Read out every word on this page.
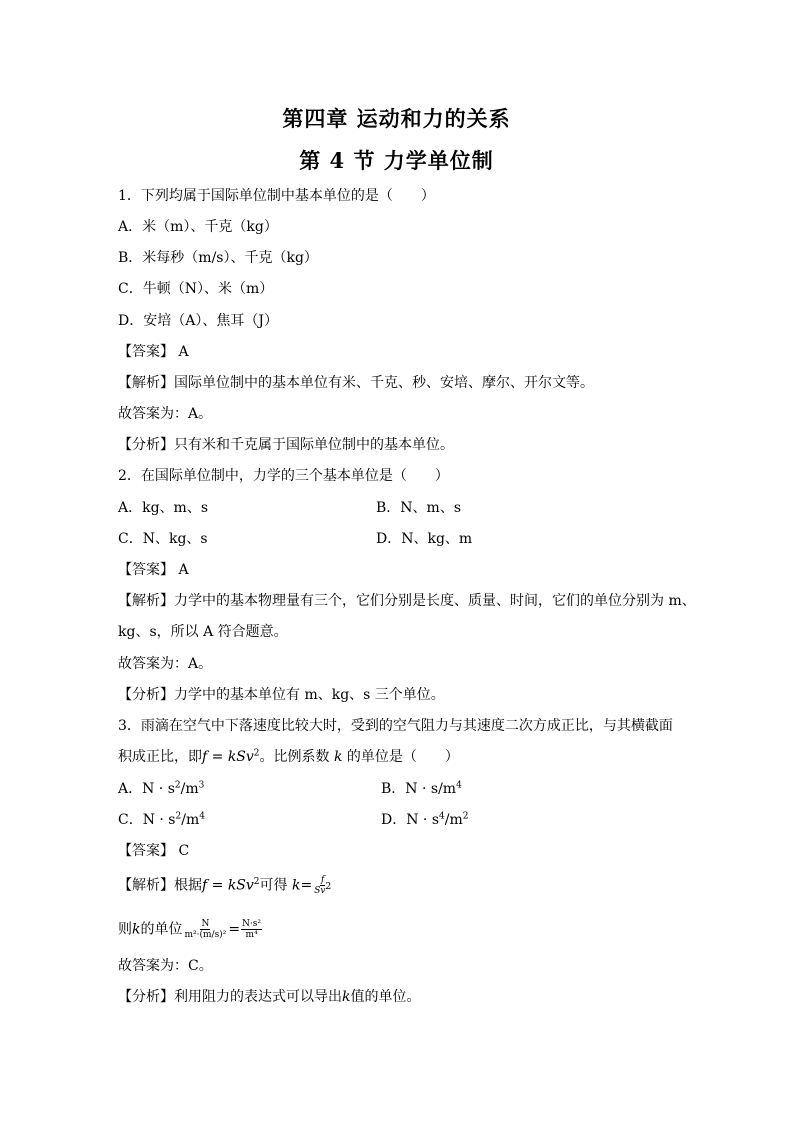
第四章 运动和力的关系
第 4 节 力学单位制
1．下列均属于国际单位制中基本单位的是（　　）
A．米（m）、千克（kg）
B．米每秒（m/s）、千克（kg）
C．牛顿（N）、米（m）
D．安培（A）、焦耳（J）
【答案】 A
【解析】国际单位制中的基本单位有米、千克、秒、安培、摩尔、开尔文等。
故答案为：A。
【分析】只有米和千克属于国际单位制中的基本单位。
2．在国际单位制中，力学的三个基本单位是（　　）
A．kg、m、s	B．N、m、s
C．N、kg、s	D．N、kg、m
【答案】 A
【解析】力学中的基本物理量有三个，它们分别是长度、质量、时间，它们的单位分别为 m、
kg、s，所以 A 符合题意。
故答案为：A。
【分析】力学中的基本单位有 m、kg、s 三个单位。
3．雨滴在空气中下落速度比较大时，受到的空气阻力与其速度二次方成正比，与其横截面
积成正比，即f = kSv$^2$。比例系数 k 的单位是（　　）
A．$N \cdot s^2/m^3$	B．$N \cdot s/m^4$
C．$N \cdot s^2/m^4$	D．$N \cdot s^4/m^2$
【答案】 C
【解析】根据f = kSv$^2$可得 $k= \frac{f}{Sv^2}$
则k的单位 $\frac{N}{\text{m²·(m/s)²}} = \frac{\text{N·s²}}{\text{m⁴}}$
故答案为：C。
【分析】利用阻力的表达式可以导出k值的单位。
